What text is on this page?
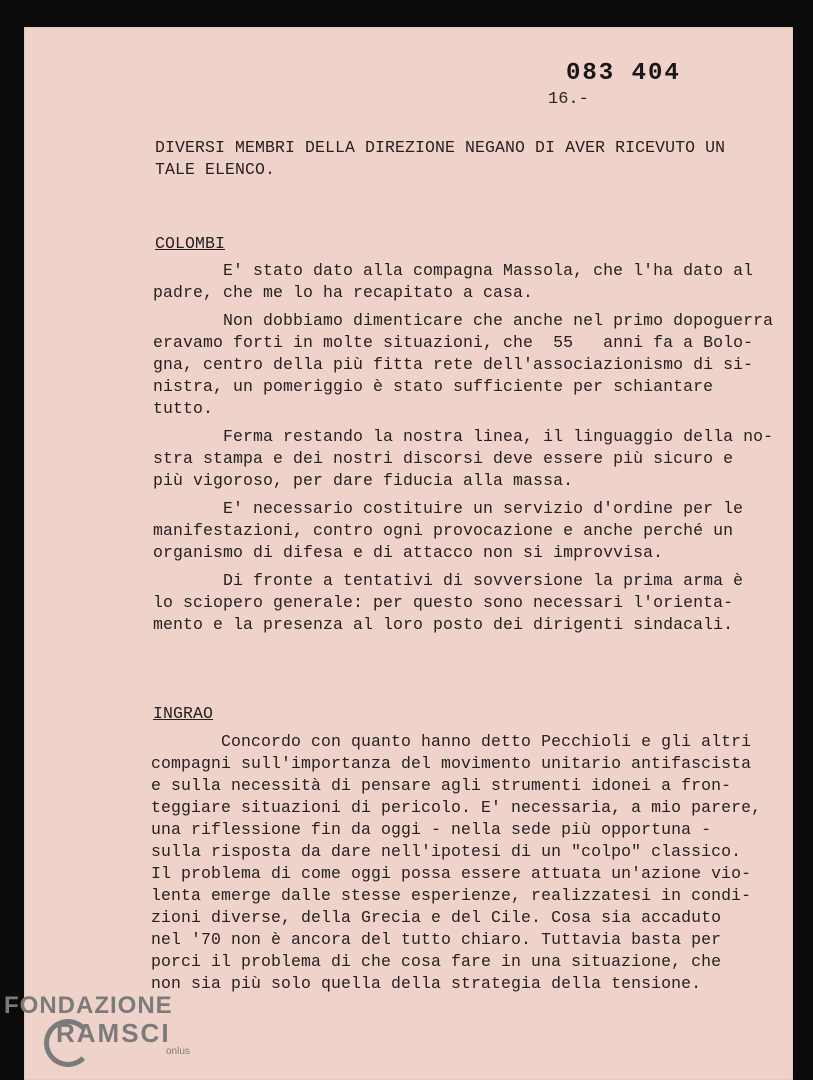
083 404
16.-
DIVERSI MEMBRI DELLA DIREZIONE NEGANO DI AVER RICEVUTO UN
TALE ELENCO.
COLOMBI
E' stato dato alla compagna Massola, che l'ha dato al
padre, che me lo ha recapitato a casa.
Non dobbiamo dimenticare che anche nel primo dopoguerra
eravamo forti in molte situazioni, che  55   anni fa a Bolo-
gna, centro della più fitta rete dell'associazionismo di si-
nistra, un pomeriggio è stato sufficiente per schiantare
tutto.
Ferma restando la nostra linea, il linguaggio della no-
stra stampa e dei nostri discorsi deve essere più sicuro e
più vigoroso, per dare fiducia alla massa.
E' necessario costituire un servizio d'ordine per le
manifestazioni, contro ogni provocazione e anche perché un
organismo di difesa e di attacco non si improvvisa.
Di fronte a tentativi di sovversione la prima arma è
lo sciopero generale: per questo sono necessari l'orienta-
mento e la presenza al loro posto dei dirigenti sindacali.
INGRAO
Concordo con quanto hanno detto Pecchioli e gli altri
compagni sull'importanza del movimento unitario antifascista
e sulla necessità di pensare agli strumenti idonei a fron-
teggiare situazioni di pericolo. E' necessaria, a mio parere,
una riflessione fin da oggi - nella sede più opportuna -
sulla risposta da dare nell'ipotesi di un "colpo" classico.
Il problema di come oggi possa essere attuata un'azione vio-
lenta emerge dalle stesse esperienze, realizzatesi in condi-
zioni diverse, della Grecia e del Cile. Cosa sia accaduto
nel '70 non è ancora del tutto chiaro. Tuttavia basta per
porci il problema di che cosa fare in una situazione, che
non sia più solo quella della strategia della tensione.
FONDAZIONE
RAMSCI
onlus
